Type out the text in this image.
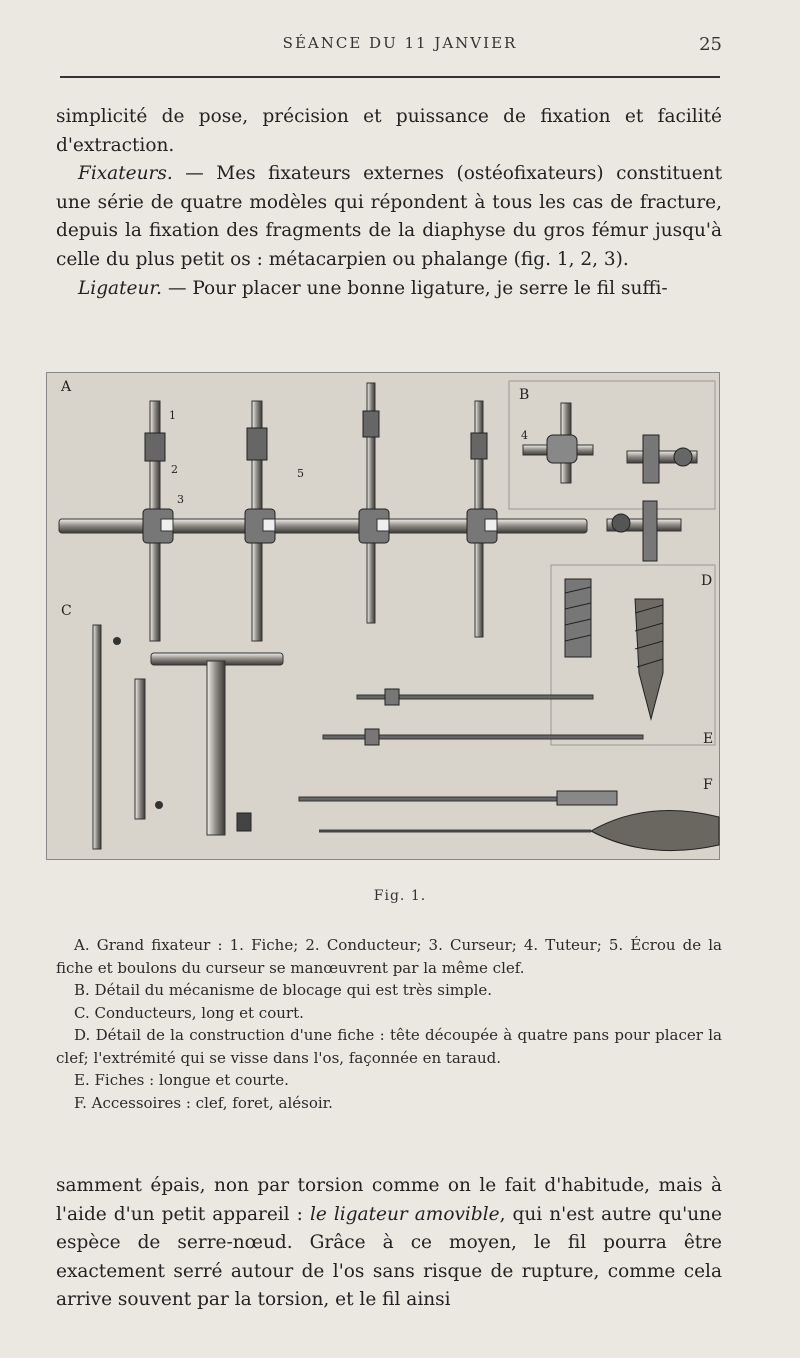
SÉANCE DU 11 JANVIER	25

simplicité de pose, précision et puissance de fixation et facilité d'extraction.

Fixateurs. — Mes fixateurs externes (ostéofixateurs) constituent une série de quatre modèles qui répondent à tous les cas de fracture, depuis la fixation des fragments de la diaphyse du gros fémur jusqu'à celle du plus petit os : métacarpien ou phalange (fig. 1, 2, 3).

Ligateur. — Pour placer une bonne ligature, je serre le fil suffi-

A	B
C
D
E
F
1
2
3
4
5
Fig. 1.

A. Grand fixateur : 1. Fiche; 2. Conducteur; 3. Curseur; 4. Tuteur; 5. Écrou de la fiche et boulons du curseur se manœuvrent par la même clef.

B. Détail du mécanisme de blocage qui est très simple.

C. Conducteurs, long et court.

D. Détail de la construction d'une fiche : tête découpée à quatre pans pour placer la clef; l'extrémité qui se visse dans l'os, façonnée en taraud.

E. Fiches : longue et courte.

F. Accessoires : clef, foret, alésoir.

samment épais, non par torsion comme on le fait d'habitude, mais à l'aide d'un petit appareil : le ligateur amovible, qui n'est autre qu'une espèce de serre-nœud. Grâce à ce moyen, le fil pourra être exactement serré autour de l'os sans risque de rupture, comme cela arrive souvent par la torsion, et le fil ainsi
